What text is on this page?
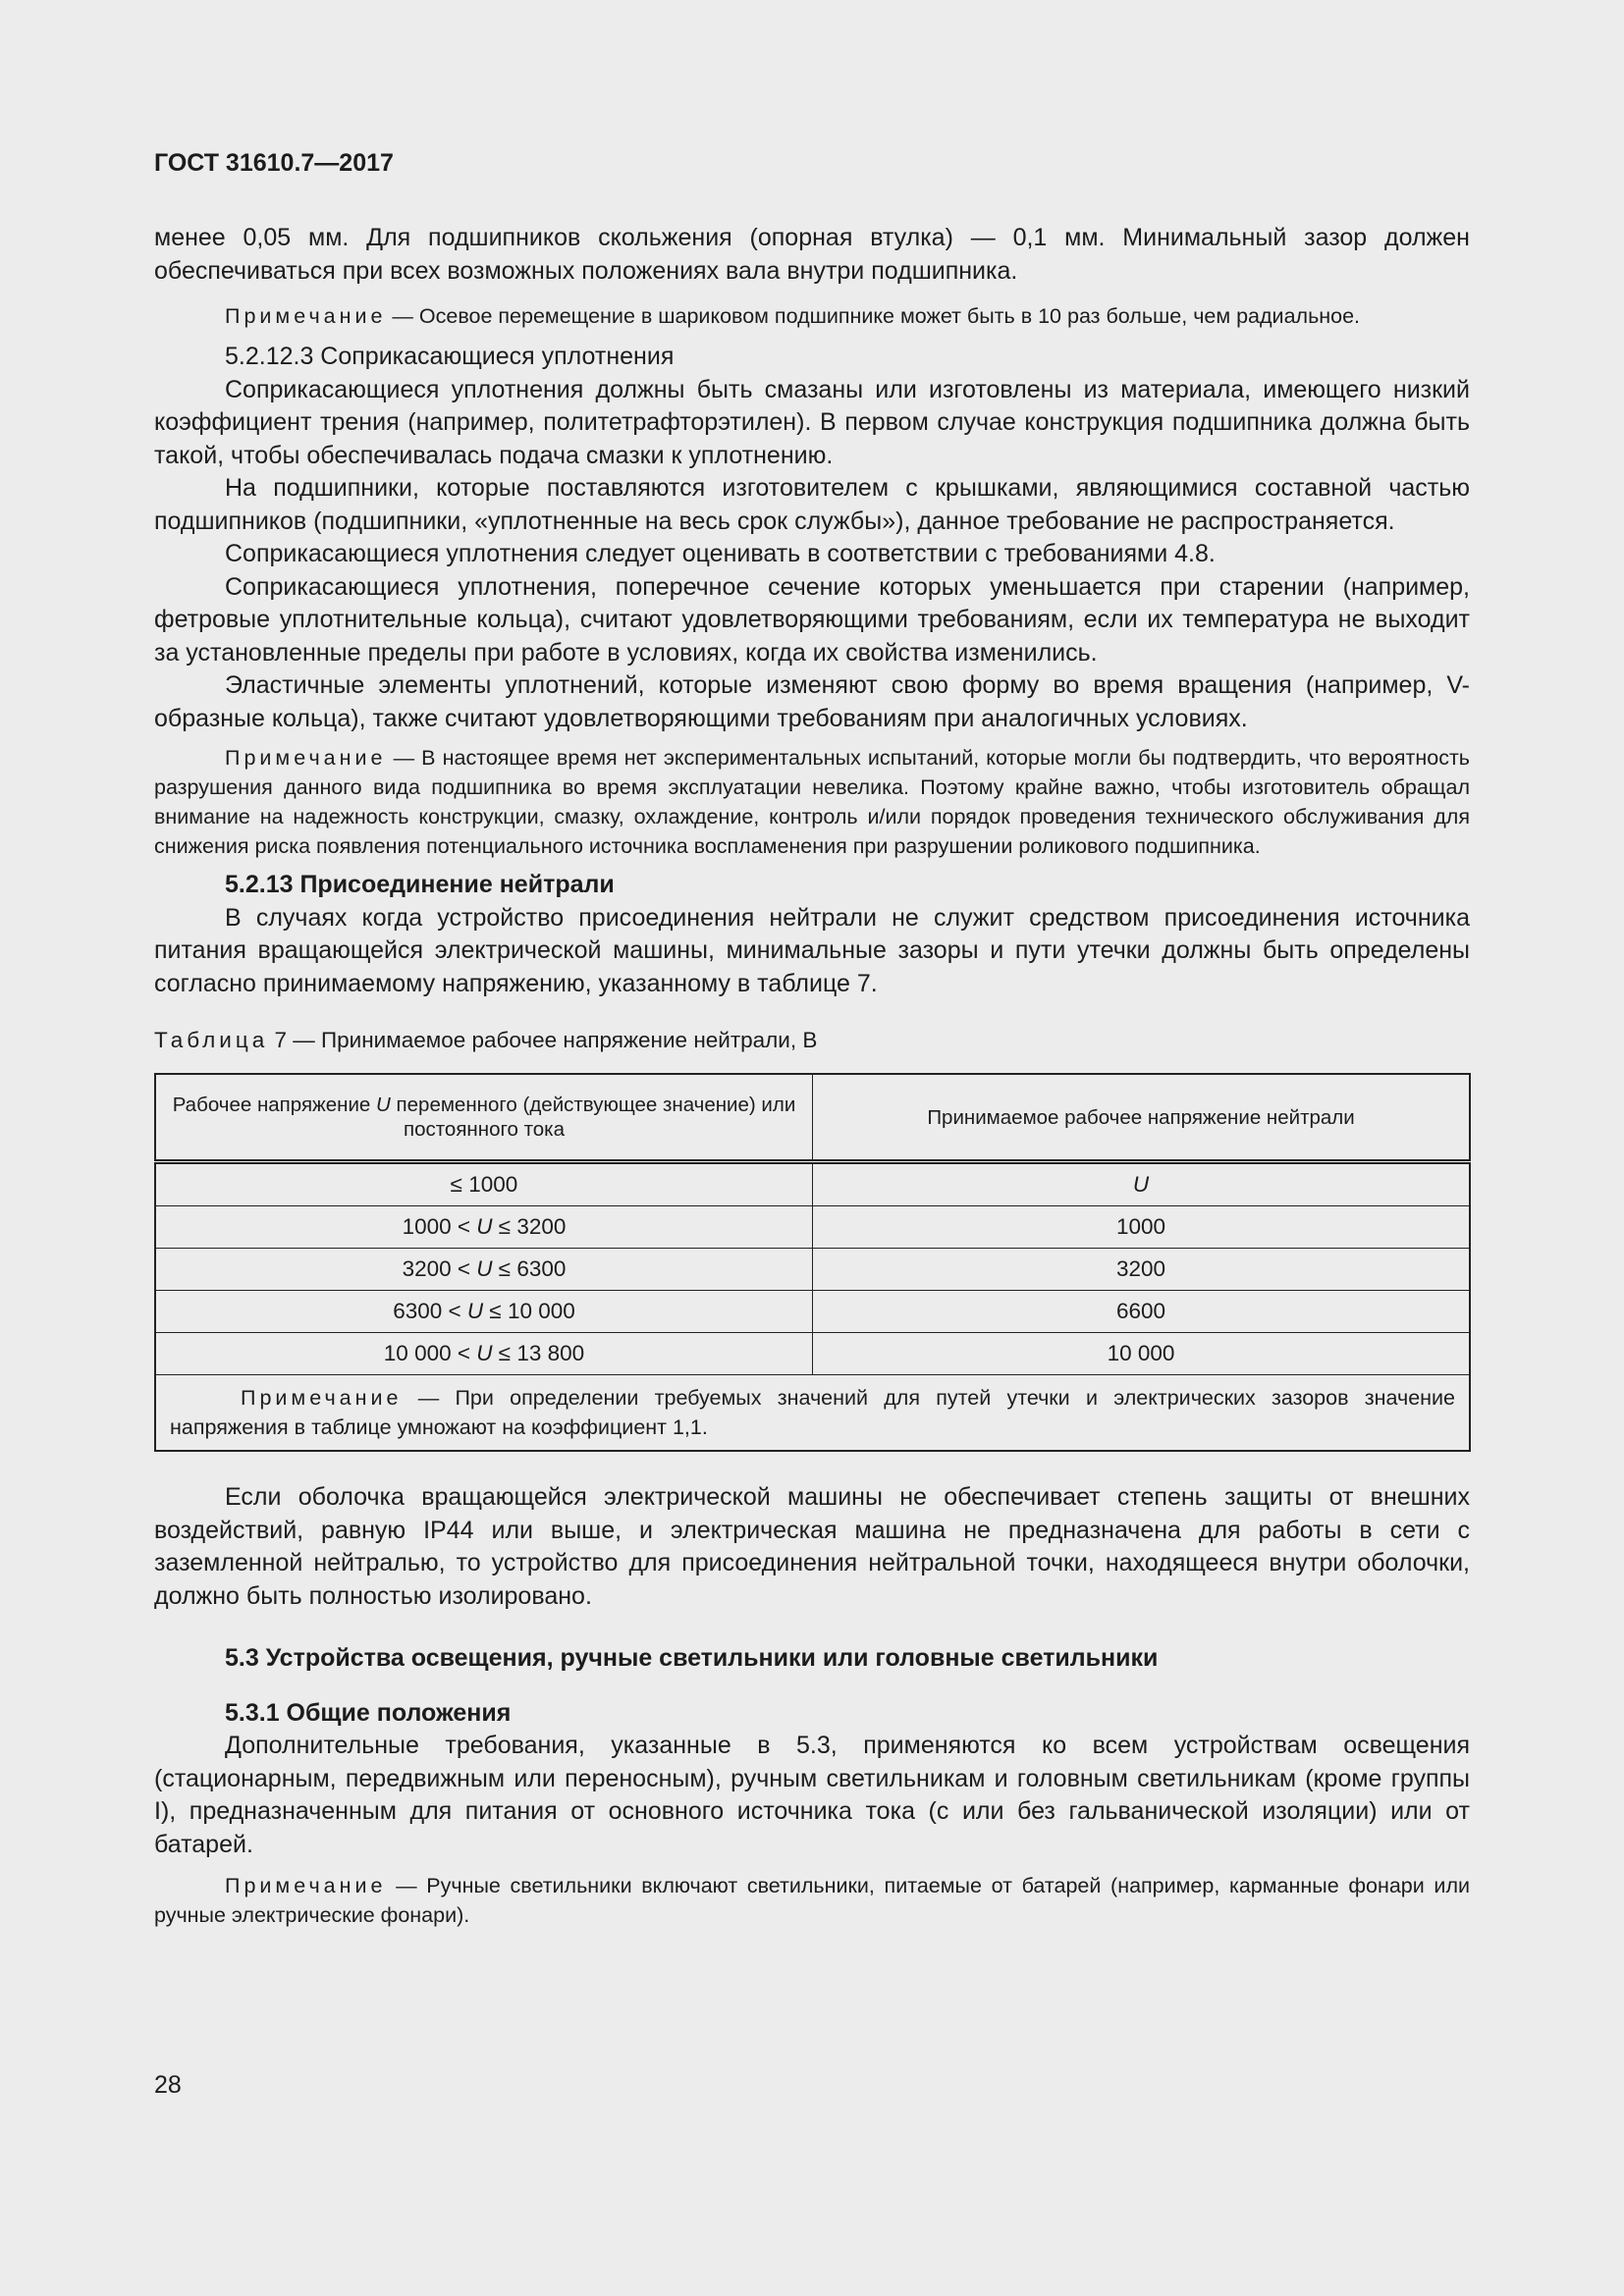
ГОСТ 31610.7—2017

менее 0,05 мм. Для подшипников скольжения (опорная втулка) — 0,1 мм. Минимальный зазор должен обеспечиваться при всех возможных положениях вала внутри подшипника.

Примечание — Осевое перемещение в шариковом подшипнике может быть в 10 раз больше, чем радиальное.

5.2.12.3 Соприкасающиеся уплотнения

Соприкасающиеся уплотнения должны быть смазаны или изготовлены из материала, имеющего низкий коэффициент трения (например, политетрафторэтилен). В первом случае конструкция подшипника должна быть такой, чтобы обеспечивалась подача смазки к уплотнению.

На подшипники, которые поставляются изготовителем с крышками, являющимися составной частью подшипников (подшипники, «уплотненные на весь срок службы»), данное требование не распространяется.

Соприкасающиеся уплотнения следует оценивать в соответствии с требованиями 4.8.

Соприкасающиеся уплотнения, поперечное сечение которых уменьшается при старении (например, фетровые уплотнительные кольца), считают удовлетворяющими требованиям, если их температура не выходит за установленные пределы при работе в условиях, когда их свойства изменились.

Эластичные элементы уплотнений, которые изменяют свою форму во время вращения (например, V-образные кольца), также считают удовлетворяющими требованиям при аналогичных условиях.

Примечание — В настоящее время нет экспериментальных испытаний, которые могли бы подтвердить, что вероятность разрушения данного вида подшипника во время эксплуатации невелика. Поэтому крайне важно, чтобы изготовитель обращал внимание на надежность конструкции, смазку, охлаждение, контроль и/или порядок проведения технического обслуживания для снижения риска появления потенциального источника воспламенения при разрушении роликового подшипника.

5.2.13 Присоединение нейтрали

В случаях когда устройство присоединения нейтрали не служит средством присоединения источника питания вращающейся электрической машины, минимальные зазоры и пути утечки должны быть определены согласно принимаемому напряжению, указанному в таблице 7.

Таблица 7 — Принимаемое рабочее напряжение нейтрали, В

Рабочее напряжение U переменного (действующее значение) или постоянного тока	Принимаемое рабочее напряжение нейтрали
≤ 1000	U
1000 < U ≤ 3200	1000
3200 < U ≤ 6300	3200
6300 < U ≤ 10 000	6600
10 000 < U ≤ 13 800	10 000
Примечание — При определении требуемых значений для путей утечки и электрических зазоров значение напряжения в таблице умножают на коэффициент 1,1.	

Если оболочка вращающейся электрической машины не обеспечивает степень защиты от внешних воздействий, равную IP44 или выше, и электрическая машина не предназначена для работы в сети с заземленной нейтралью, то устройство для присоединения нейтральной точки, находящееся внутри оболочки, должно быть полностью изолировано.

5.3 Устройства освещения, ручные светильники или головные светильники

5.3.1 Общие положения

Дополнительные требования, указанные в 5.3, применяются ко всем устройствам освещения (стационарным, передвижным или переносным), ручным светильникам и головным светильникам (кроме группы I), предназначенным для питания от основного источника тока (с или без гальванической изоляции) или от батарей.

Примечание — Ручные светильники включают светильники, питаемые от батарей (например, карманные фонари или ручные электрические фонари).

28
